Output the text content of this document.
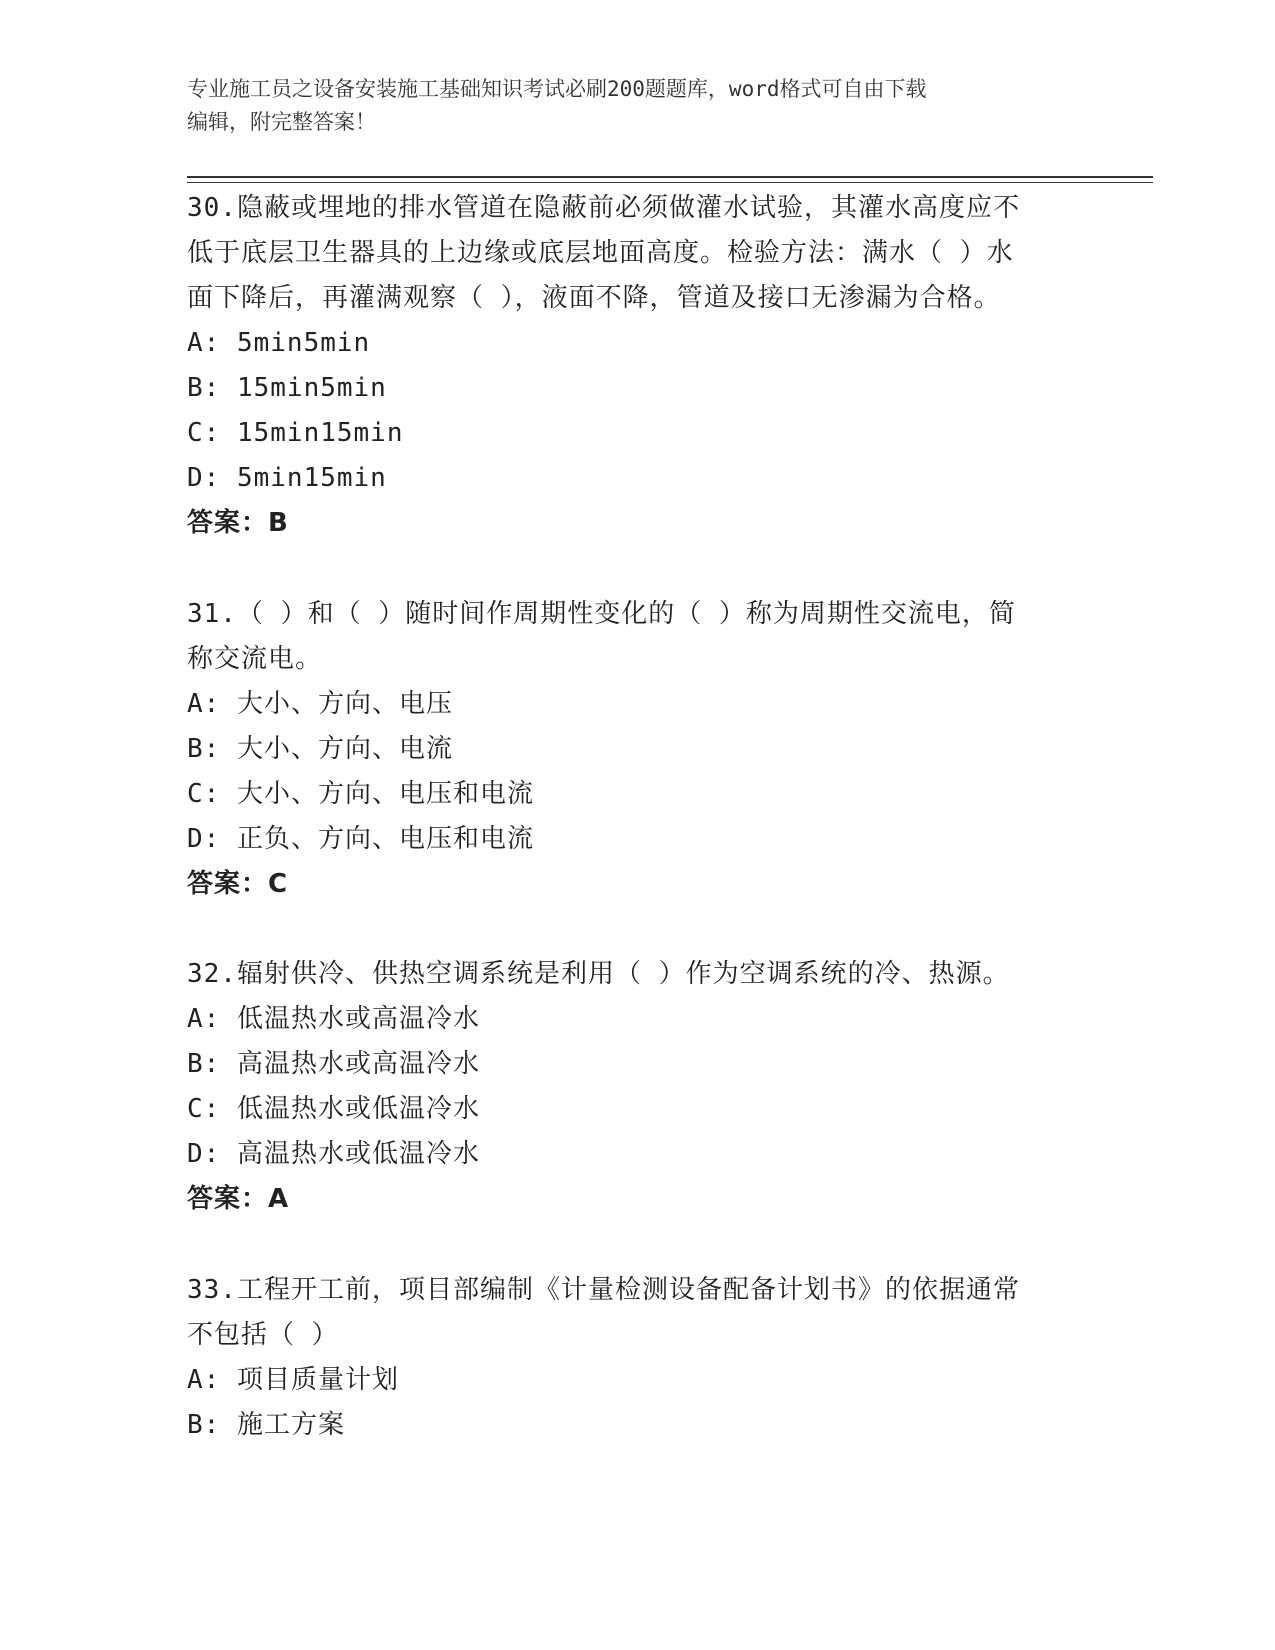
专业施工员之设备安装施工基础知识考试必刷200题题库，word格式可自由下载
编辑，附完整答案！
30.隐蔽或埋地的排水管道在隐蔽前必须做灌水试验，其灌水高度应不
低于底层卫生器具的上边缘或底层地面高度。检验方法：满水（ ）水
面下降后，再灌满观察（ ），液面不降，管道及接口无渗漏为合格。
A: 5min5min
B: 15min5min
C: 15min15min
D: 5min15min
答案：B
31.（ ）和（ ）随时间作周期性变化的（ ）称为周期性交流电，简
称交流电。
A: 大小、方向、电压
B: 大小、方向、电流
C: 大小、方向、电压和电流
D: 正负、方向、电压和电流
答案：C
32.辐射供冷、供热空调系统是利用（ ）作为空调系统的冷、热源。
A: 低温热水或高温冷水
B: 高温热水或高温冷水
C: 低温热水或低温冷水
D: 高温热水或低温冷水
答案：A
33.工程开工前，项目部编制《计量检测设备配备计划书》的依据通常
不包括（ ）
A: 项目质量计划
B: 施工方案
